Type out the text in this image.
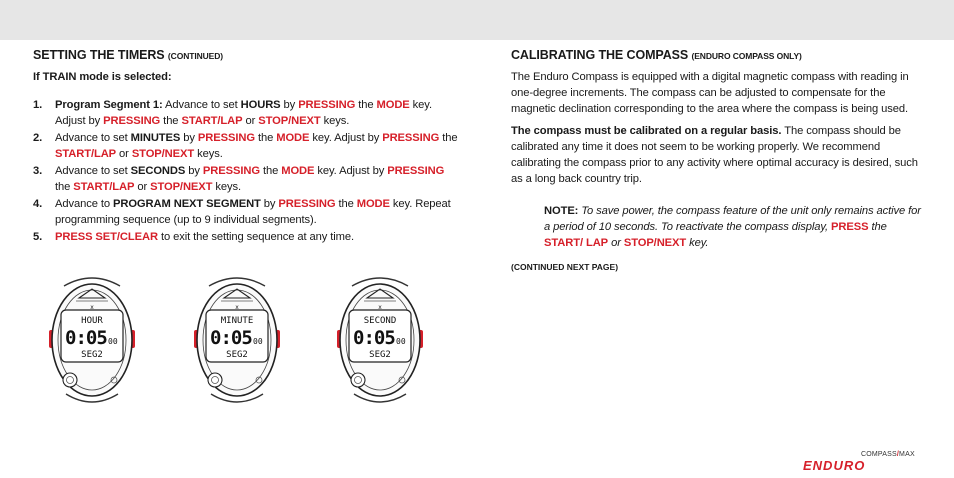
SETTING THE TIMERS (CONTINUED)
If TRAIN mode is selected:
1. Program Segment 1: Advance to set HOURS by PRESSING the MODE key. Adjust by PRESSING the START/LAP or STOP/NEXT keys.
2. Advance to set MINUTES by PRESSING the MODE key. Adjust by PRESSING the START/LAP or STOP/NEXT keys.
3. Advance to set SECONDS by PRESSING the MODE key. Adjust by PRESSING the START/LAP or STOP/NEXT keys.
4. Advance to PROGRAM NEXT SEGMENT by PRESSING the MODE key. Repeat programming sequence (up to 9 individual segments).
5. PRESS SET/CLEAR to exit the setting sequence at any time.
x
HOUR
0:05 00
SEG2
x
MINUTE
0:05 00
SEG2
x
SECOND
0:05 00
SEG2
CALIBRATING THE COMPASS (ENDURO COMPASS ONLY)

The Enduro Compass is equipped with a digital magnetic compass with reading in one-degree increments. The compass can be adjusted to compensate for the magnetic declination corresponding to the area where the compass is being used.

The compass must be calibrated on a regular basis. The compass should be calibrated any time it does not seem to be working properly. We recommend calibrating the compass prior to any activity where optimal accuracy is desired, such as a long back country trip.

NOTE: To save power, the compass feature of the unit only remains active for a period of 10 seconds. To reactivate the compass display, PRESS the START/ LAP or STOP/NEXT key.

(CONTINUED NEXT PAGE)
COMPASS/MAX
ENDURO
